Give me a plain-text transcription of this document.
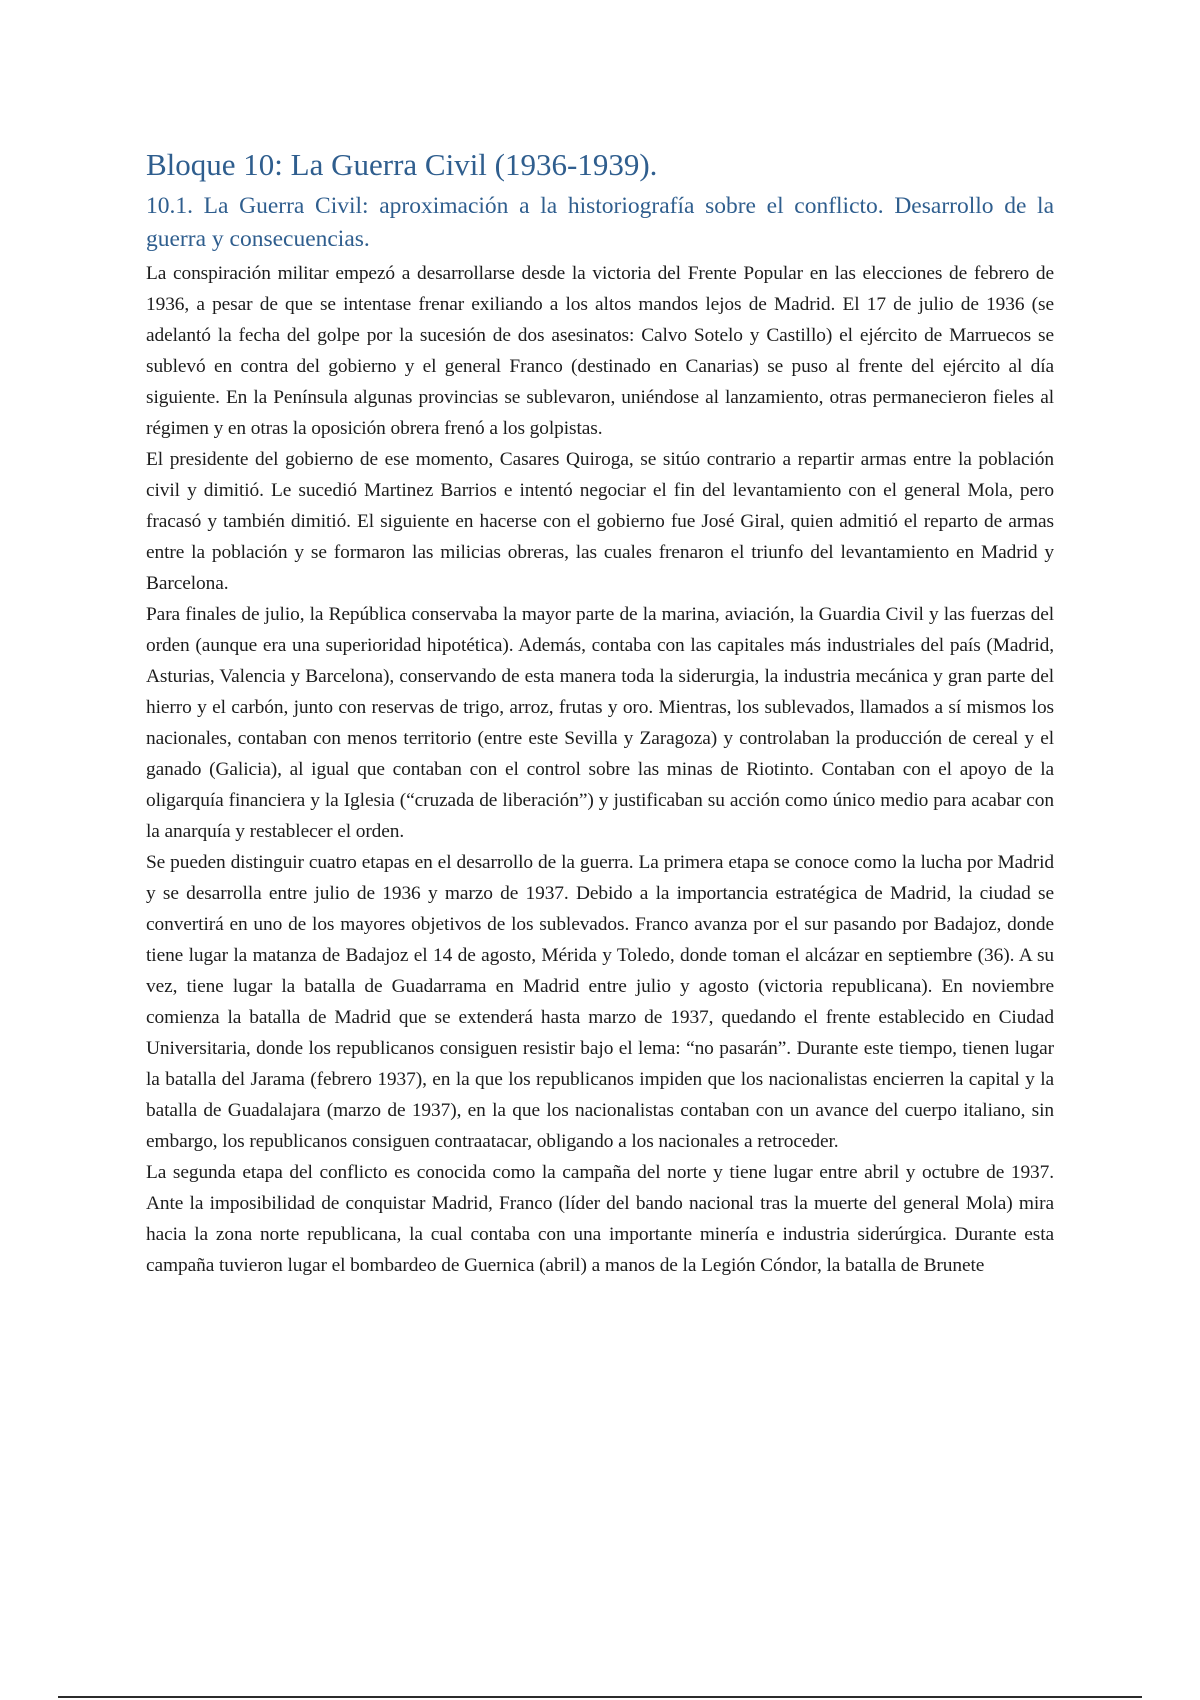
Bloque 10: La Guerra Civil (1936-1939).
10.1. La Guerra Civil: aproximación a la historiografía sobre el conflicto. Desarrollo de la guerra y consecuencias.

La conspiración militar empezó a desarrollarse desde la victoria del Frente Popular en las elecciones de febrero de 1936, a pesar de que se intentase frenar exiliando a los altos mandos lejos de Madrid. El 17 de julio de 1936 (se adelantó la fecha del golpe por la sucesión de dos asesinatos: Calvo Sotelo y Castillo) el ejército de Marruecos se sublevó en contra del gobierno y el general Franco (destinado en Canarias) se puso al frente del ejército al día siguiente. En la Península algunas provincias se sublevaron, uniéndose al lanzamiento, otras permanecieron fieles al régimen y en otras la oposición obrera frenó a los golpistas.

El presidente del gobierno de ese momento, Casares Quiroga, se sitúo contrario a repartir armas entre la población civil y dimitió. Le sucedió Martinez Barrios e intentó negociar el fin del levantamiento con el general Mola, pero fracasó y también dimitió. El siguiente en hacerse con el gobierno fue José Giral, quien admitió el reparto de armas entre la población y se formaron las milicias obreras, las cuales frenaron el triunfo del levantamiento en Madrid y Barcelona.

Para finales de julio, la República conservaba la mayor parte de la marina, aviación, la Guardia Civil y las fuerzas del orden (aunque era una superioridad hipotética). Además, contaba con las capitales más industriales del país (Madrid, Asturias, Valencia y Barcelona), conservando de esta manera toda la siderurgia, la industria mecánica y gran parte del hierro y el carbón, junto con reservas de trigo, arroz, frutas y oro. Mientras, los sublevados, llamados a sí mismos los nacionales, contaban con menos territorio (entre este Sevilla y Zaragoza) y controlaban la producción de cereal y el ganado (Galicia), al igual que contaban con el control sobre las minas de Riotinto. Contaban con el apoyo de la oligarquía financiera y la Iglesia (“cruzada de liberación”) y justificaban su acción como único medio para acabar con la anarquía y restablecer el orden.

Se pueden distinguir cuatro etapas en el desarrollo de la guerra. La primera etapa se conoce como la lucha por Madrid y se desarrolla entre julio de 1936 y marzo de 1937. Debido a la importancia estratégica de Madrid, la ciudad se convertirá en uno de los mayores objetivos de los sublevados. Franco avanza por el sur pasando por Badajoz, donde tiene lugar la matanza de Badajoz el 14 de agosto, Mérida y Toledo, donde toman el alcázar en septiembre (36). A su vez, tiene lugar la batalla de Guadarrama en Madrid entre julio y agosto (victoria republicana). En noviembre comienza la batalla de Madrid que se extenderá hasta marzo de 1937, quedando el frente establecido en Ciudad Universitaria, donde los republicanos consiguen resistir bajo el lema: “no pasarán”. Durante este tiempo, tienen lugar la batalla del Jarama (febrero 1937), en la que los republicanos impiden que los nacionalistas encierren la capital y la batalla de Guadalajara (marzo de 1937), en la que los nacionalistas contaban con un avance del cuerpo italiano, sin embargo, los republicanos consiguen contraatacar, obligando a los nacionales a retroceder.

La segunda etapa del conflicto es conocida como la campaña del norte y tiene lugar entre abril y octubre de 1937. Ante la imposibilidad de conquistar Madrid, Franco (líder del bando nacional tras la muerte del general Mola) mira hacia la zona norte republicana, la cual contaba con una importante minería e industria siderúrgica. Durante esta campaña tuvieron lugar el bombardeo de Guernica (abril) a manos de la Legión Cóndor, la batalla de Brunete
